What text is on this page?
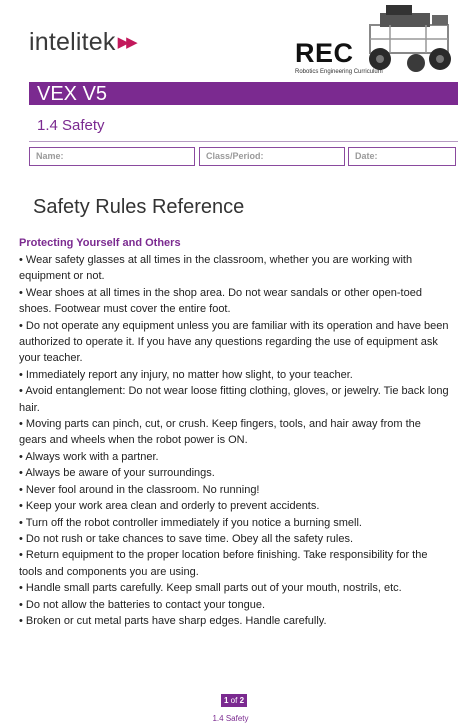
intelitek ▶▶	REC
Robotics Engineering Curriculum
VEX V5
1.4 Safety
Name:	Class/Period:	Date:
Safety Rules Reference
Protecting Yourself and Others
• Wear safety glasses at all times in the classroom, whether you are working with equipment or not.
• Wear shoes at all times in the shop area. Do not wear sandals or other open-toed shoes. Footwear must cover the entire foot.
• Do not operate any equipment unless you are familiar with its operation and have been authorized to operate it. If you have any questions regarding the use of equipment ask your teacher.
• Immediately report any injury, no matter how slight, to your teacher.
• Avoid entanglement: Do not wear loose fitting clothing, gloves, or jewelry. Tie back long hair.
• Moving parts can pinch, cut, or crush. Keep fingers, tools, and hair away from the gears and wheels when the robot power is ON.
• Always work with a partner.
• Always be aware of your surroundings.
• Never fool around in the classroom. No running!
• Keep your work area clean and orderly to prevent accidents.
• Turn off the robot controller immediately if you notice a burning smell.
• Do not rush or take chances to save time. Obey all the safety rules.
• Return equipment to the proper location before finishing. Take responsibility for the tools and components you are using.
• Handle small parts carefully. Keep small parts out of your mouth, nostrils, etc.
• Do not allow the batteries to contact your tongue.
• Broken or cut metal parts have sharp edges. Handle carefully.
1 of 2
1.4 Safety
